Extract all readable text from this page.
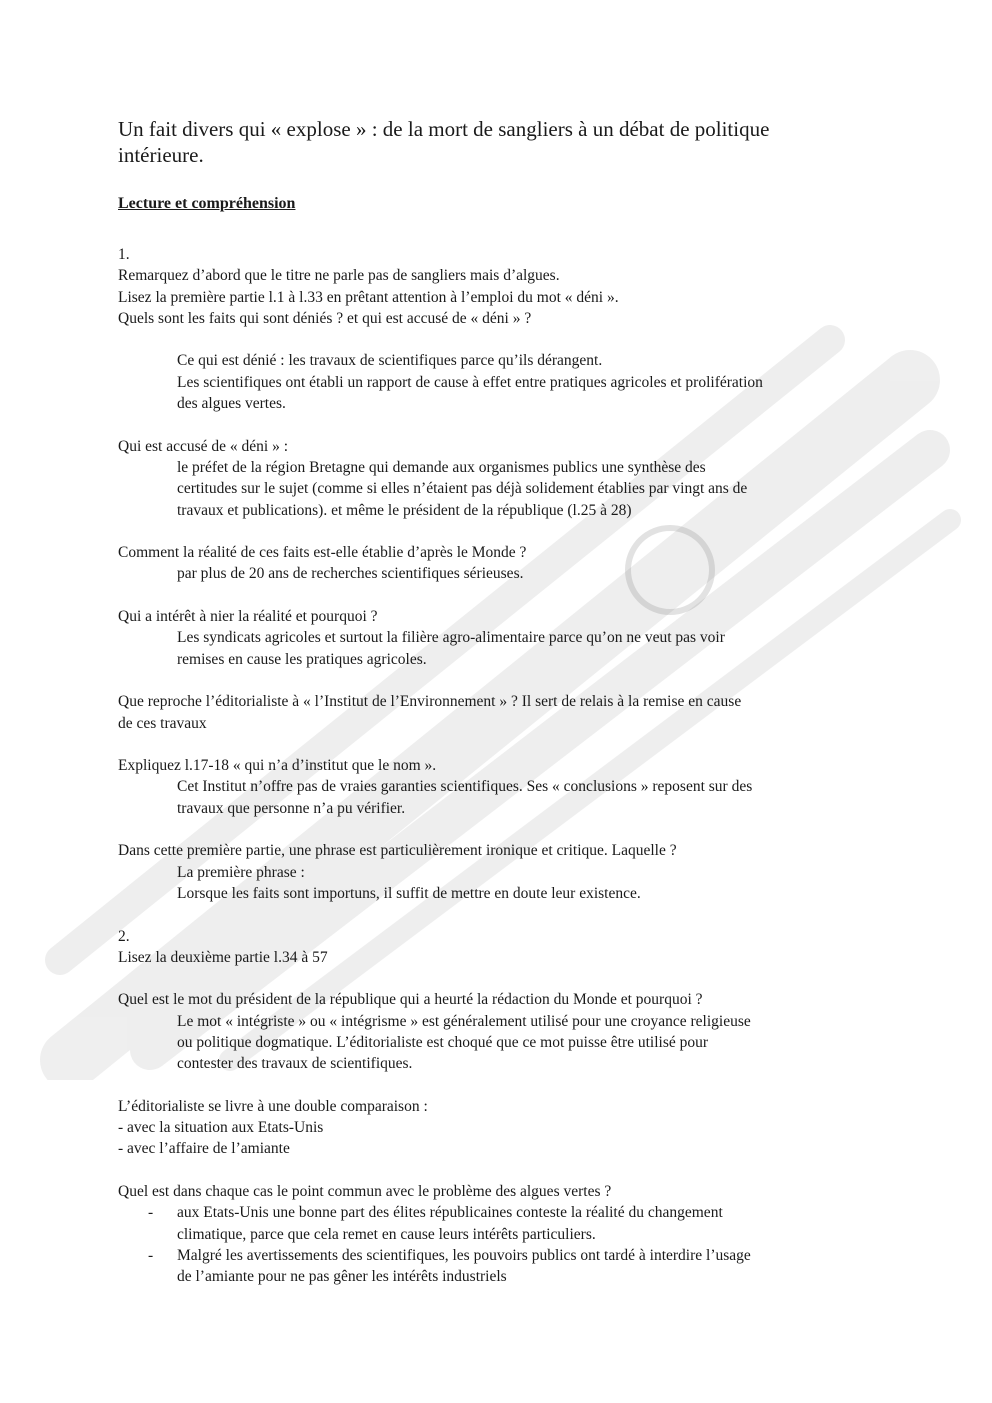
Un fait divers qui « explose » : de la mort de sangliers à un débat de politique
intérieure.
Lecture et compréhension
1.
Remarquez d’abord que le titre ne parle pas de sangliers mais d’algues.
Lisez la première partie l.1 à l.33 en prêtant attention à l’emploi du mot « déni ».
Quels sont les faits qui sont déniés ? et qui est accusé de « déni » ?
Ce qui est dénié : les travaux de scientifiques parce qu’ils dérangent.
Les scientifiques ont établi un rapport de cause à effet entre pratiques agricoles et prolifération
des algues vertes.
Qui est accusé de « déni » :
le préfet de la région Bretagne qui demande aux organismes publics une synthèse des
certitudes sur le sujet (comme si elles n’étaient pas déjà solidement établies par vingt ans de
travaux et publications). et même le président de la république (l.25 à 28)
Comment la réalité de ces faits est-elle établie d’après le Monde ?
par plus de 20 ans de recherches scientifiques sérieuses.
Qui a intérêt à nier la réalité et pourquoi ?
Les syndicats agricoles et surtout la filière agro-alimentaire parce qu’on ne veut pas voir
remises en cause les pratiques agricoles.
Que reproche l’éditorialiste à « l’Institut de l’Environnement » ? Il sert de relais à la remise en cause
de ces travaux
Expliquez l.17-18 « qui n’a d’institut que le nom ».
Cet Institut n’offre pas de vraies garanties scientifiques. Ses « conclusions » reposent sur des
travaux que personne n’a pu vérifier.
Dans cette première partie, une phrase est particulièrement ironique et critique. Laquelle ?
La première phrase :
Lorsque les faits sont importuns, il suffit de mettre en doute leur existence.
2.
Lisez la deuxième partie l.34 à 57
Quel est le mot du président de la république qui a heurté la rédaction du Monde et pourquoi ?
Le mot « intégriste » ou « intégrisme » est généralement utilisé pour une croyance religieuse
ou politique dogmatique. L’éditorialiste est choqué que ce mot puisse être utilisé pour
contester des travaux de scientifiques.
L’éditorialiste se livre à une double comparaison :
- avec la situation aux Etats-Unis
- avec l’affaire de l’amiante
Quel est dans chaque cas le point commun avec le problème des algues vertes ?
-	aux Etats-Unis une bonne part des élites républicaines conteste la réalité du changement
climatique, parce que cela remet en cause leurs intérêts particuliers.
-	Malgré les avertissements des scientifiques, les pouvoirs publics ont tardé à interdire l’usage
de l’amiante pour ne pas gêner les intérêts industriels
